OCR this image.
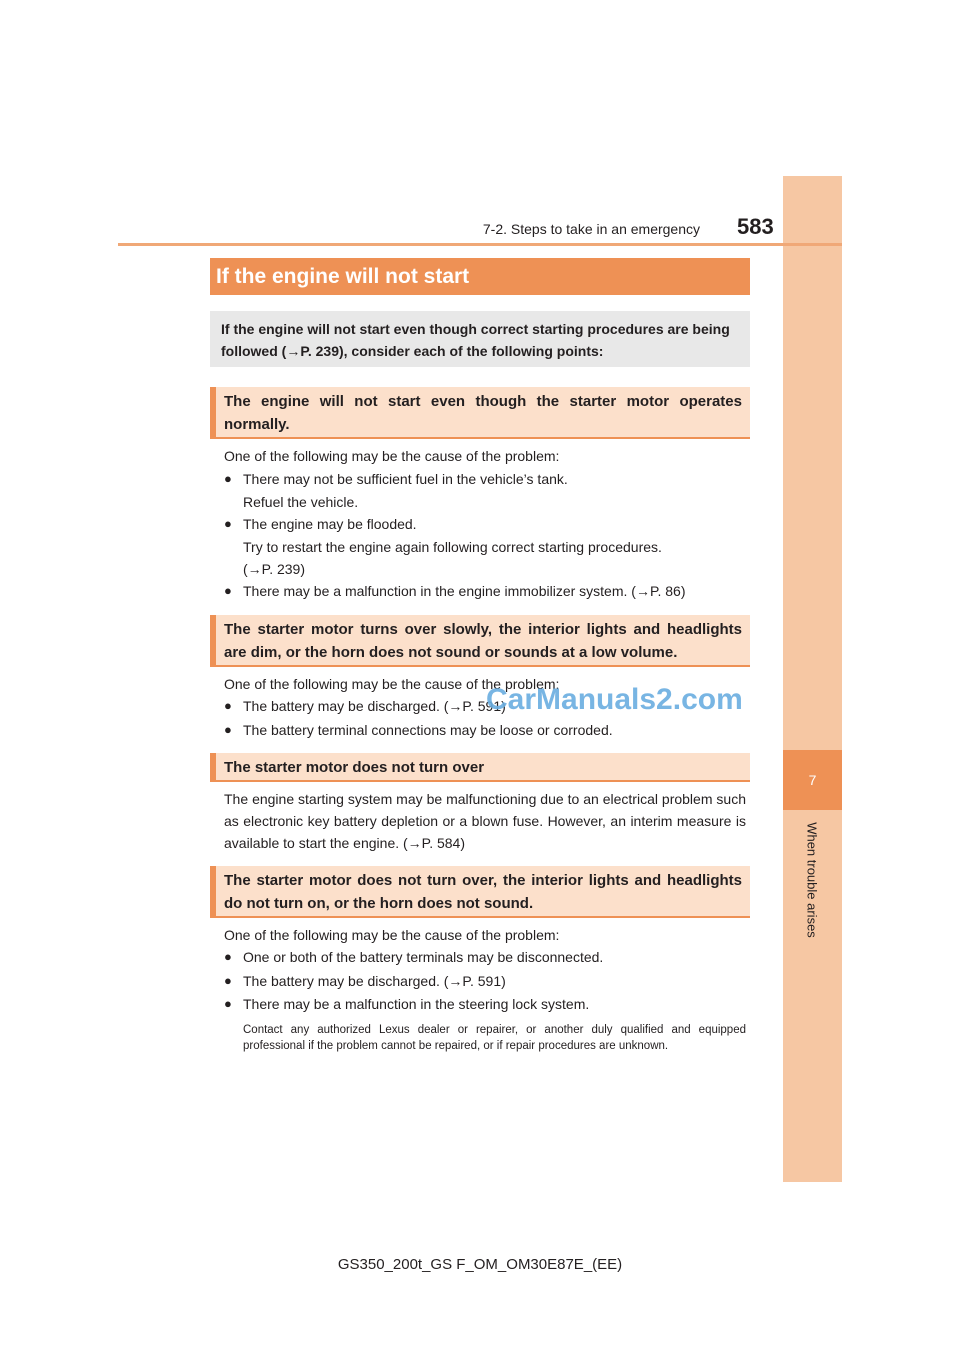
7
When trouble arises
7-2. Steps to take in an emergency 583
If the engine will not start
If the engine will not start even though correct starting procedures are being
followed (→P. 239), consider each of the following points:
The engine will not start even though the starter motor operates normally.
One of the following may be the cause of the problem:
● There may not be sufficient fuel in the vehicle’s tank.
Refuel the vehicle.
● The engine may be flooded.
Try to restart the engine again following correct starting procedures.
(→P. 239)
● There may be a malfunction in the engine immobilizer system. (→P. 86)
The starter motor turns over slowly, the interior lights and headlights are dim, or the horn does not sound or sounds at a low volume.
One of the following may be the cause of the problem:
● The battery may be discharged. (→P. 591)
● The battery terminal connections may be loose or corroded.
The starter motor does not turn over
The engine starting system may be malfunctioning due to an electrical problem such as electronic key battery depletion or a blown fuse. However, an interim measure is available to start the engine. (→P. 584)
The starter motor does not turn over, the interior lights and headlights do not turn on, or the horn does not sound.
One of the following may be the cause of the problem:
● One or both of the battery terminals may be disconnected.
● The battery may be discharged. (→P. 591)
● There may be a malfunction in the steering lock system.
Contact any authorized Lexus dealer or repairer, or another duly qualified and equipped professional if the problem cannot be repaired, or if repair procedures are unknown.
CarManuals2.com
GS350_200t_GS F_OM_OM30E87E_(EE)
